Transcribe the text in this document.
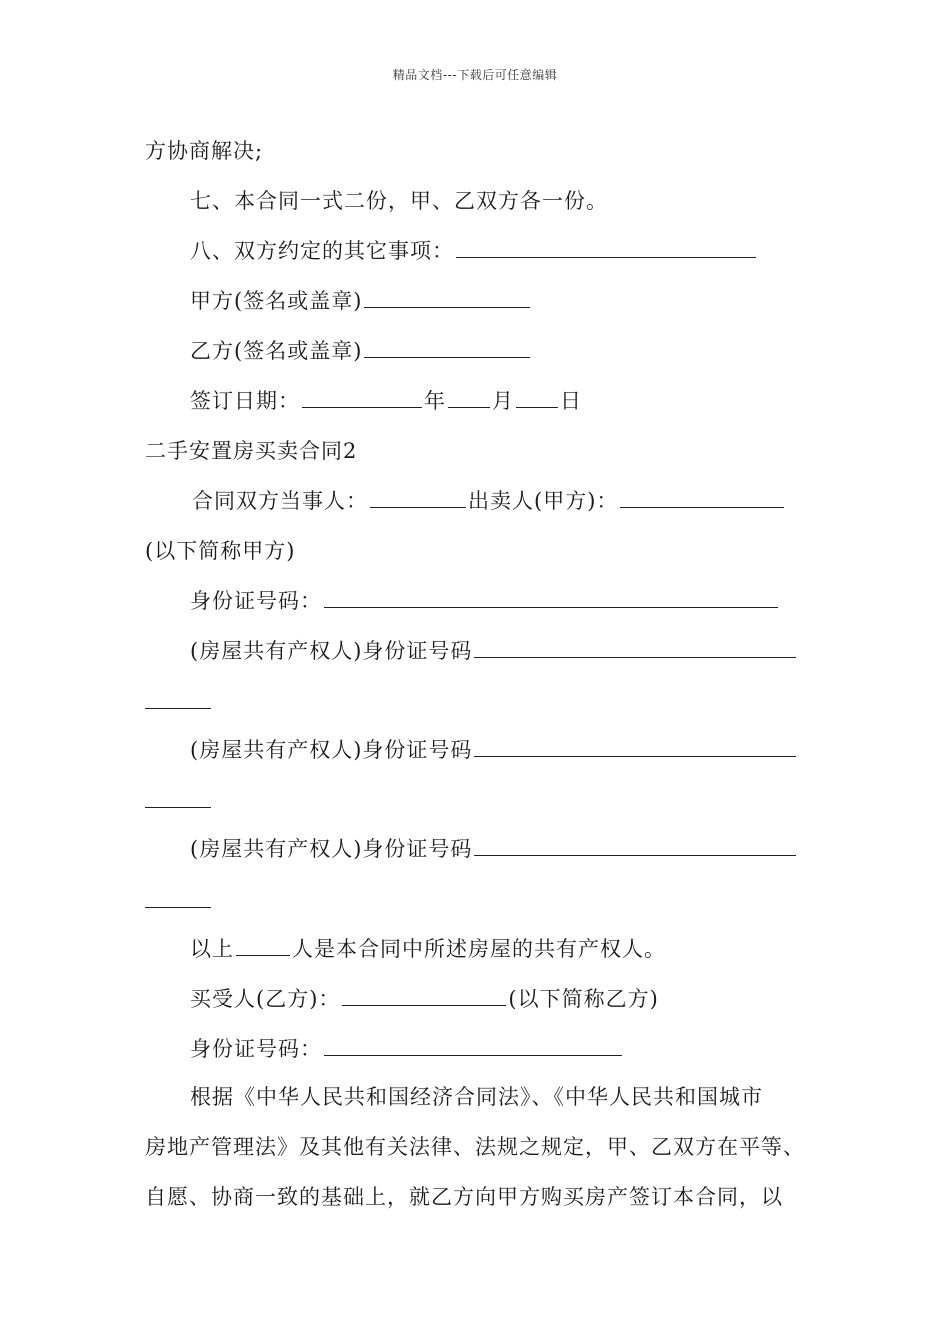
精品文档---下载后可任意编辑
方协商解决;
七、本合同一式二份，甲、乙双方各一份。
八、双方约定的其它事项：
甲方(签名或盖章)
乙方(签名或盖章)
签订日期：	年 月 日
二手安置房买卖合同2
合同双方当事人：	出卖人(甲方)：
(以下简称甲方)
身份证号码：
(房屋共有产权人)身份证号码
(房屋共有产权人)身份证号码
(房屋共有产权人)身份证号码
以上	人是本合同中所述房屋的共有产权人。
买受人(乙方)：	(以下简称乙方)
身份证号码：
根据《中华人民共和国经济合同法》、《中华人民共和国城市
房地产管理法》及其他有关法律、法规之规定，甲、乙双方在平等、
自愿、协商一致的基础上，就乙方向甲方购买房产签订本合同，以
